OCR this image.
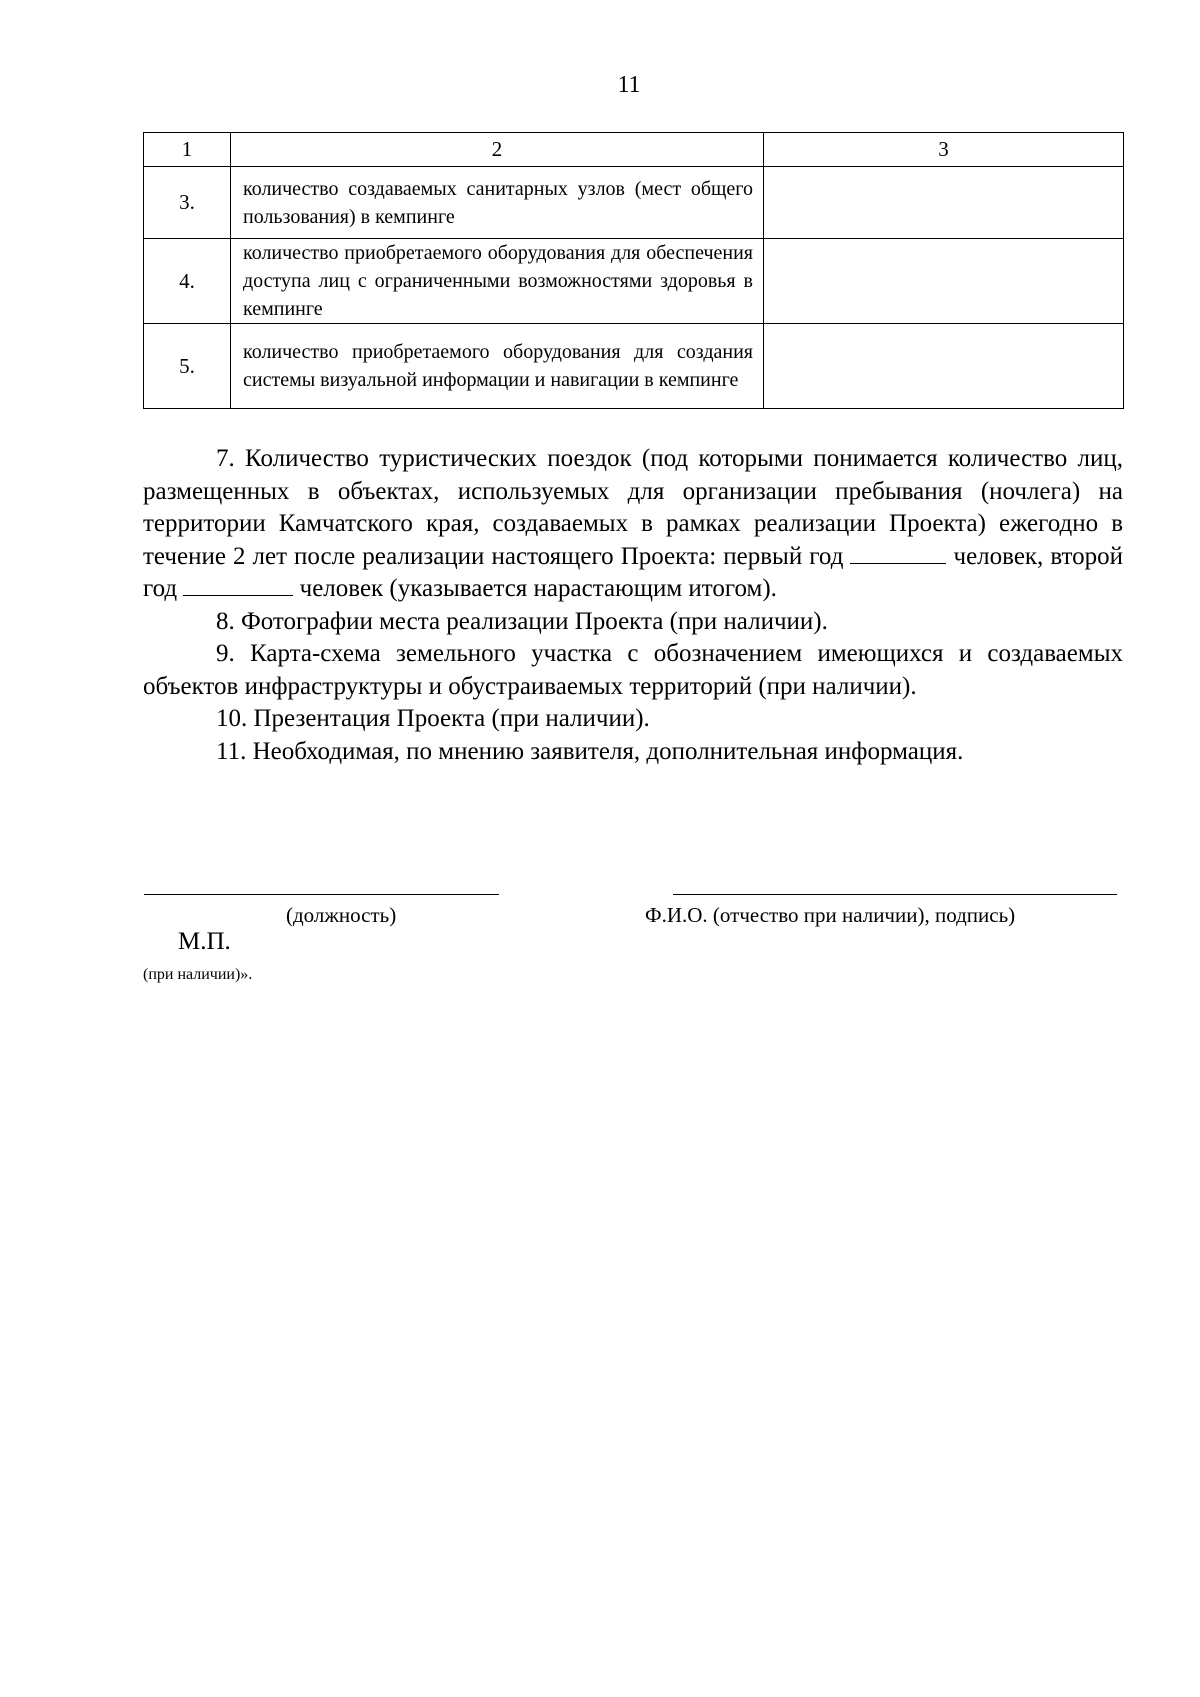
11
1	2	3
3.	количество создаваемых санитарных узлов (мест общего пользования) в кемпинге	
4.	количество приобретаемого оборудования для обеспечения доступа лиц с ограниченными возможностями здоровья в кемпинге	
5.	количество приобретаемого оборудования для создания системы визуальной информации и навигации в кемпинге	

7. Количество туристических поездок (под которыми понимается количество лиц, размещенных в объектах, используемых для организации пребывания (ночлега) на территории Камчатского края, создаваемых в рамках реализации Проекта) ежегодно в течение 2 лет после реализации настоящего Проекта: первый год	человек, второй год	человек (указывается нарастающим итогом).

8. Фотографии места реализации Проекта (при наличии).

9. Карта-схема земельного участка с обозначением имеющихся и создаваемых объектов инфраструктуры и обустраиваемых территорий (при наличии).

10. Презентация Проекта (при наличии).

11. Необходимая, по мнению заявителя, дополнительная информация.

(должность)	Ф.И.О. (отчество при наличии), подпись)
М.П.
(при наличии)».
